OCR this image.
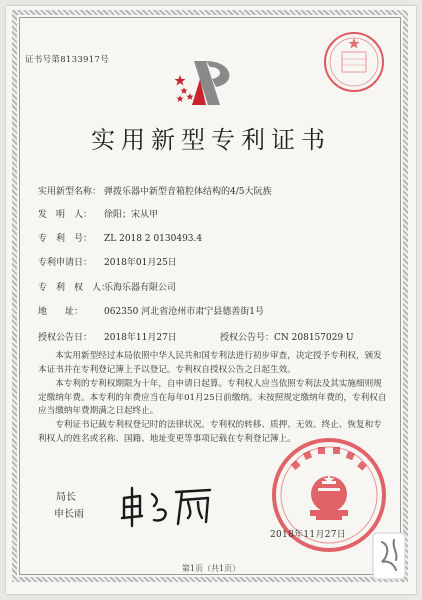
证书号第8133917号
实用新型专利证书
实用新型名称： 弹拨乐器中新型音箱腔体结构的4/5大阮族
发　明　人： 徐阳；宋从甲
专　利　号： ZL 2018 2 0130493.4
专利申请日： 2018年01月25日
专　利　权　人：乐海乐器有限公司
地　　址： 062350 河北省沧州市肃宁县德善街1号
授权公告日： 2018年11月27日	授权公告号：CN 208157029 U
本实用新型经过本局依照中华人民共和国专利法进行初步审查，决定授予专利权，颁发本证书并在专利登记簿上予以登记。专利权自授权公告之日起生效。
本专利的专利权期限为十年，自申请日起算。专利权人应当依照专利法及其实施细则规定缴纳年费。本专利的年费应当在每年01月25日前缴纳。未按照规定缴纳年费的，专利权自应当缴纳年费期满之日起终止。
专利证书记载专利权登记时的法律状况。专利权的转移、质押、无效、终止、恢复和专利权人的姓名或名称、国籍、地址变更等事项记载在专利登记簿上。
局长
申长雨
2018年11月27日
第1页（共1页）
